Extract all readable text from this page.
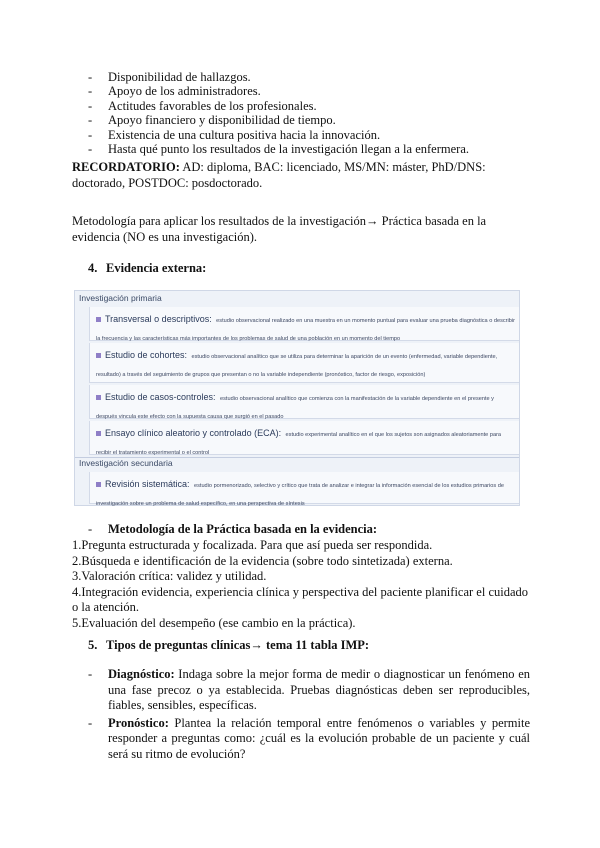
- Disponibilidad de hallazgos.
- Apoyo de los administradores.
- Actitudes favorables de los profesionales.
- Apoyo financiero y disponibilidad de tiempo.
- Existencia de una cultura positiva hacia la innovación.
- Hasta qué punto los resultados de la investigación llegan a la enfermera.

RECORDATORIO: AD: diploma, BAC: licenciado, MS/MN: máster, PhD/DNS: doctorado, POSTDOC: posdoctorado.

Metodología para aplicar los resultados de la investigación→ Práctica basada en la evidencia (NO es una investigación).

4. Evidencia externa:
Investigación primaria
Transversal o descriptivos: estudio observacional realizado en una muestra en un momento puntual para evaluar una prueba diagnóstica o describir la frecuencia y las características más importantes de los problemas de salud de una población en un momento del tiempo
Estudio de cohortes: estudio observacional analítico que se utiliza para determinar la aparición de un evento (enfermedad, variable dependiente, resultado) a través del seguimiento de grupos que presentan o no la variable independiente (pronóstico, factor de riesgo, exposición)
Estudio de casos-controles: estudio observacional analítico que comienza con la manifestación de la variable dependiente en el presente y después vincula este efecto con la supuesta causa que surgió en el pasado
Ensayo clínico aleatorio y controlado (ECA): estudio experimental analítico en el que los sujetos son asignados aleatoriamente para recibir el tratamiento experimental o el control
Investigación secundaria
Revisión sistemática: estudio pormenorizado, selectivo y crítico que trata de analizar e integrar la información esencial de los estudios primarios de investigación sobre un problema de salud específico, en una perspectiva de síntesis
- Metodología de la Práctica basada en la evidencia:
1.Pregunta estructurada y focalizada. Para que así pueda ser respondida.
2.Búsqueda e identificación de la evidencia (sobre todo sintetizada) externa.
3.Valoración crítica: validez y utilidad.
4.Integración evidencia, experiencia clínica y perspectiva del paciente planificar el cuidado o la atención.
5.Evaluación del desempeño (ese cambio en la práctica).
5. Tipos de preguntas clínicas→ tema 11 tabla IMP:
- Diagnóstico: Indaga sobre la mejor forma de medir o diagnosticar un fenómeno en una fase precoz o ya establecida. Pruebas diagnósticas deben ser reproducibles, fiables, sensibles, específicas.
- Pronóstico: Plantea la relación temporal entre fenómenos o variables y permite responder a preguntas como: ¿cuál es la evolución probable de un paciente y cuál será su ritmo de evolución?
